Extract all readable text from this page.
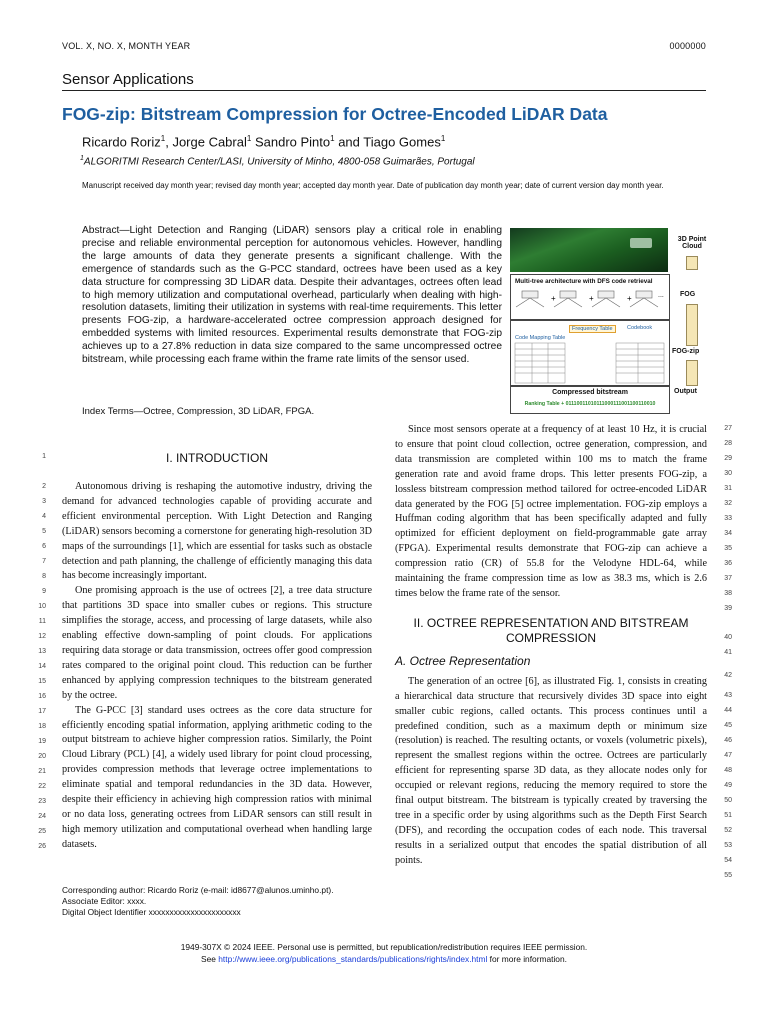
VOL. X, NO. X, MONTH YEAR	0000000
Sensor Applications
FOG-zip: Bitstream Compression for Octree-Encoded LiDAR Data
Ricardo Roriz$^1$, Jorge Cabral$^1$ Sandro Pinto$^1$ and Tiago Gomes$^1$
$^1$ALGORITMI Research Center/LASI, University of Minho, 4800-058 Guimarães, Portugal
Manuscript received day month year; revised day month year; accepted day month year. Date of publication day month year; date of current version day month year.
Abstract—Light Detection and Ranging (LiDAR) sensors play a critical role in enabling precise and reliable environmental perception for autonomous vehicles. However, handling the large amounts of data they generate presents a significant challenge. With the emergence of standards such as the G-PCC standard, octrees have been used as a key data structure for compressing 3D LiDAR data. Despite their advantages, octrees often lead to high memory utilization and computational overhead, particularly when dealing with high-resolution datasets, limiting their utilization in systems with real-time requirements. This letter presents FOG-zip, a hardware-accelerated octree compression approach designed for embedded systems with limited resources. Experimental results demonstrate that FOG-zip achieves up to a 27.8% reduction in data size compared to the same uncompressed octree bitstream, while processing each frame within the frame rate limits of the sensor used.
Index Terms—Octree, Compression, 3D LiDAR, FPGA.
Multi-tree architecture with DFS code retrieval
+	+	+	...
Frequency Table	Codebook
Code Mapping Table
Compressed bitstream
Ranking Table + 01110011010111000111001100110010
3D Point Cloud
FOG
FOG-zip
Output
1
2
3
4
5
6
7
8
9
10
11
12
13
14
15
16
17
18
19
20
21
22
23
24
25
26
I. INTRODUCTION

Autonomous driving is reshaping the automotive industry, driving the demand for advanced technologies capable of providing accurate and efficient environmental perception. With Light Detection and Ranging (LiDAR) sensors becoming a cornerstone for generating high-resolution 3D maps of the surroundings [1], which are essential for tasks such as obstacle detection and path planning, the challenge of efficiently managing this data has become increasingly important.

One promising approach is the use of octrees [2], a tree data structure that partitions 3D space into smaller cubes or regions. This structure simplifies the storage, access, and processing of large datasets, while also enabling effective down-sampling of point clouds. For applications requiring data storage or data transmission, octrees offer good compression rates compared to the original point cloud. This reduction can be further enhanced by applying compression techniques to the bitstream generated by the octree.

The G-PCC [3] standard uses octrees as the core data structure for efficiently encoding spatial information, applying arithmetic coding to the output bitstream to achieve higher compression ratios. Similarly, the Point Cloud Library (PCL) [4], a widely used library for point cloud processing, provides compression methods that leverage octree implementations to eliminate spatial and temporal redundancies in the 3D data. However, despite their efficiency in achieving high compression ratios with minimal or no data loss, generating octrees from LiDAR sensors can still result in high memory utilization and computational overhead when handling large datasets.

27
28
29
30
31
32
33
34
35
36
37
38
39
40
41
42
43
44
45
46
47
48
49
50
51
52
53
54
55

Since most sensors operate at a frequency of at least 10 Hz, it is crucial to ensure that point cloud collection, octree generation, compression, and data transmission are completed within 100 ms to match the frame generation rate and avoid frame drops. This letter presents FOG-zip, a lossless bitstream compression method tailored for octree-encoded LiDAR data generated by the FOG [5] octree implementation. FOG-zip employs a Huffman coding algorithm that has been specifically adapted and fully optimized for efficient deployment on field-programmable gate array (FPGA). Experimental results demonstrate that FOG-zip can achieve a compression ratio (CR) of 55.8 for the Velodyne HDL-64, while maintaining the frame compression time as low as 38.3 ms, which is 2.6 times below the frame rate of the sensor.

II. OCTREE REPRESENTATION AND BITSTREAM COMPRESSION
A. Octree Representation

The generation of an octree [6], as illustrated Fig. 1, consists in creating a hierarchical data structure that recursively divides 3D space into eight smaller cubic regions, called octants. This process continues until a predefined condition, such as a maximum depth or minimum size (resolution) is reached. The resulting octants, or voxels (volumetric pixels), represent the smallest regions within the octree. Octrees are particularly efficient for representing sparse 3D data, as they allocate nodes only for occupied or relevant regions, reducing the memory required to store the final output bitstream. The bitstream is typically created by traversing the tree in a specific order by using algorithms such as the Depth First Search (DFS), and recording the occupation codes of each node. This traversal results in a serialized output that encodes the spatial distribution of all points.

Corresponding author: Ricardo Roriz (e-mail: id8677@alunos.uminho.pt).
Associate Editor: xxxx.
Digital Object Identifier xxxxxxxxxxxxxxxxxxxxxx
1949-307X © 2024 IEEE. Personal use is permitted, but republication/redistribution requires IEEE permission.
See http://www.ieee.org/publications_standards/publications/rights/index.html for more information.
